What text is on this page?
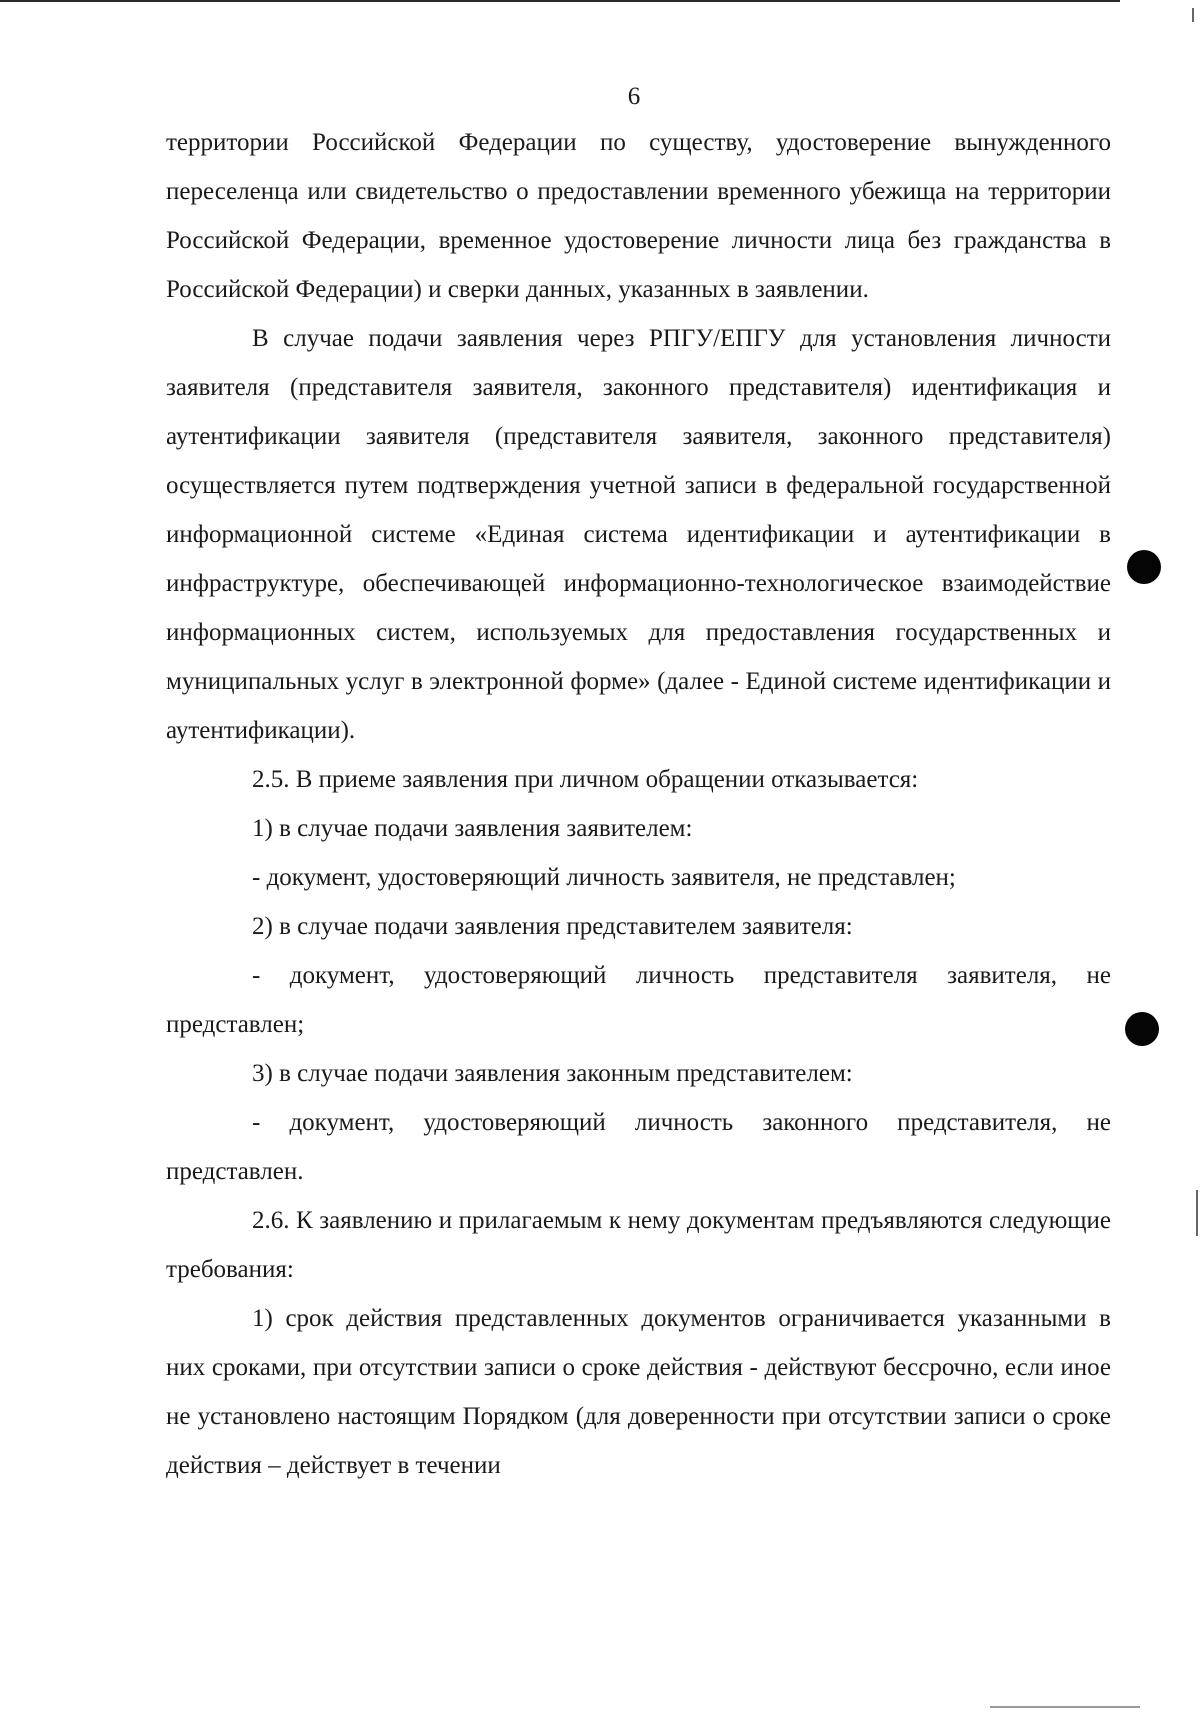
6

территории Российской Федерации по существу, удостоверение вынужденного переселенца или свидетельство о предоставлении временного убежища на территории Российской Федерации, временное удостоверение личности лица без гражданства в Российской Федерации) и сверки данных, указанных в заявлении.

В случае подачи заявления через РПГУ/ЕПГУ для установления личности заявителя (представителя заявителя, законного представителя) идентификация и аутентификации заявителя (представителя заявителя, законного представителя) осуществляется путем подтверждения учетной записи в федеральной государственной информационной системе «Единая система идентификации и аутентификации в инфраструктуре, обеспечивающей информационно-технологическое взаимодействие информационных систем, используемых для предоставления государственных и муниципальных услуг в электронной форме» (далее - Единой системе идентификации и аутентификации).

2.5. В приеме заявления при личном обращении отказывается:

1) в случае подачи заявления заявителем:

- документ, удостоверяющий личность заявителя, не представлен;

2) в случае подачи заявления представителем заявителя:

- документ, удостоверяющий личность представителя заявителя, не представлен;

3) в случае подачи заявления законным представителем:

- документ, удостоверяющий личность законного представителя, не представлен.

2.6. К заявлению и прилагаемым к нему документам предъявляются следующие требования:

1) срок действия представленных документов ограничивается указанными в них сроками, при отсутствии записи о сроке действия - действуют бессрочно, если иное не установлено настоящим Порядком (для доверенности при отсутствии записи о сроке действия – действует в течении
